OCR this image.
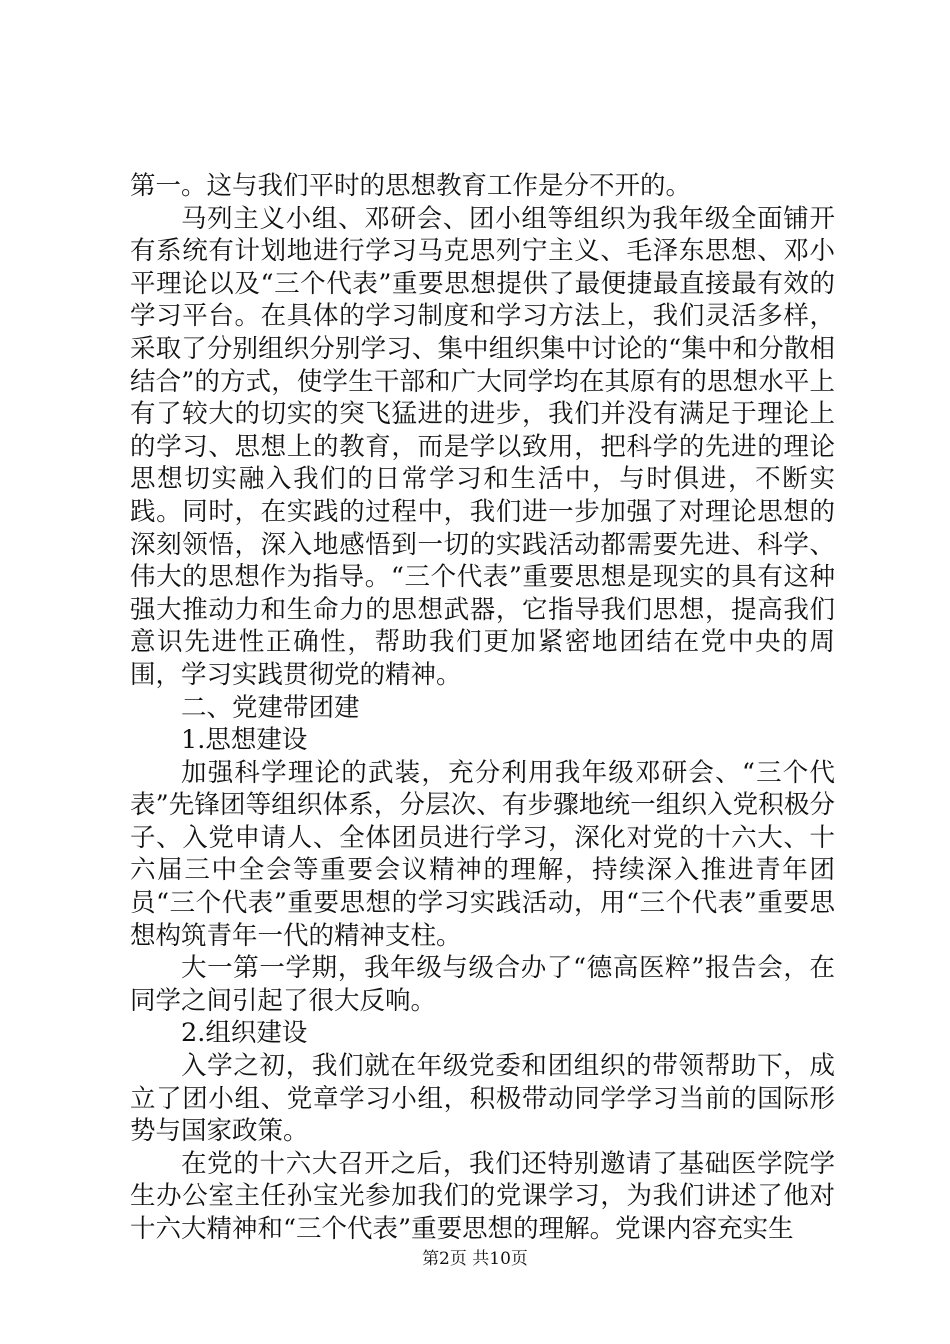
第一。这与我们平时的思想教育工作是分不开的。

马列主义小组、邓研会、团小组等组织为我年级全面铺开有系统有计划地进行学习马克思列宁主义、毛泽东思想、邓小平理论以及“三个代表”重要思想提供了最便捷最直接最有效的学习平台。在具体的学习制度和学习方法上，我们灵活多样，采取了分别组织分别学习、集中组织集中讨论的“集中和分散相结合”的方式，使学生干部和广大同学均在其原有的思想水平上有了较大的切实的突飞猛进的进步，我们并没有满足于理论上的学习、思想上的教育，而是学以致用，把科学的先进的理论思想切实融入我们的日常学习和生活中，与时俱进，不断实践。同时，在实践的过程中，我们进一步加强了对理论思想的深刻领悟，深入地感悟到一切的实践活动都需要先进、科学、伟大的思想作为指导。“三个代表”重要思想是现实的具有这种强大推动力和生命力的思想武器，它指导我们思想，提高我们意识先进性正确性，帮助我们更加紧密地团结在党中央的周围，学习实践贯彻党的精神。

二、党建带团建

1.思想建设

加强科学理论的武装，充分利用我年级邓研会、“三个代表”先锋团等组织体系，分层次、有步骤地统一组织入党积极分子、入党申请人、全体团员进行学习，深化对党的十六大、十六届三中全会等重要会议精神的理解，持续深入推进青年团员“三个代表”重要思想的学习实践活动，用“三个代表”重要思想构筑青年一代的精神支柱。

大一第一学期，我年级与级合办了“德高医粹”报告会，在同学之间引起了很大反响。

2.组织建设

入学之初，我们就在年级党委和团组织的带领帮助下，成立了团小组、党章学习小组，积极带动同学学习当前的国际形势与国家政策。

在党的十六大召开之后，我们还特别邀请了基础医学院学生办公室主任孙宝光参加我们的党课学习，为我们讲述了他对十六大精神和“三个代表”重要思想的理解。党课内容充实生

第2页 共10页
